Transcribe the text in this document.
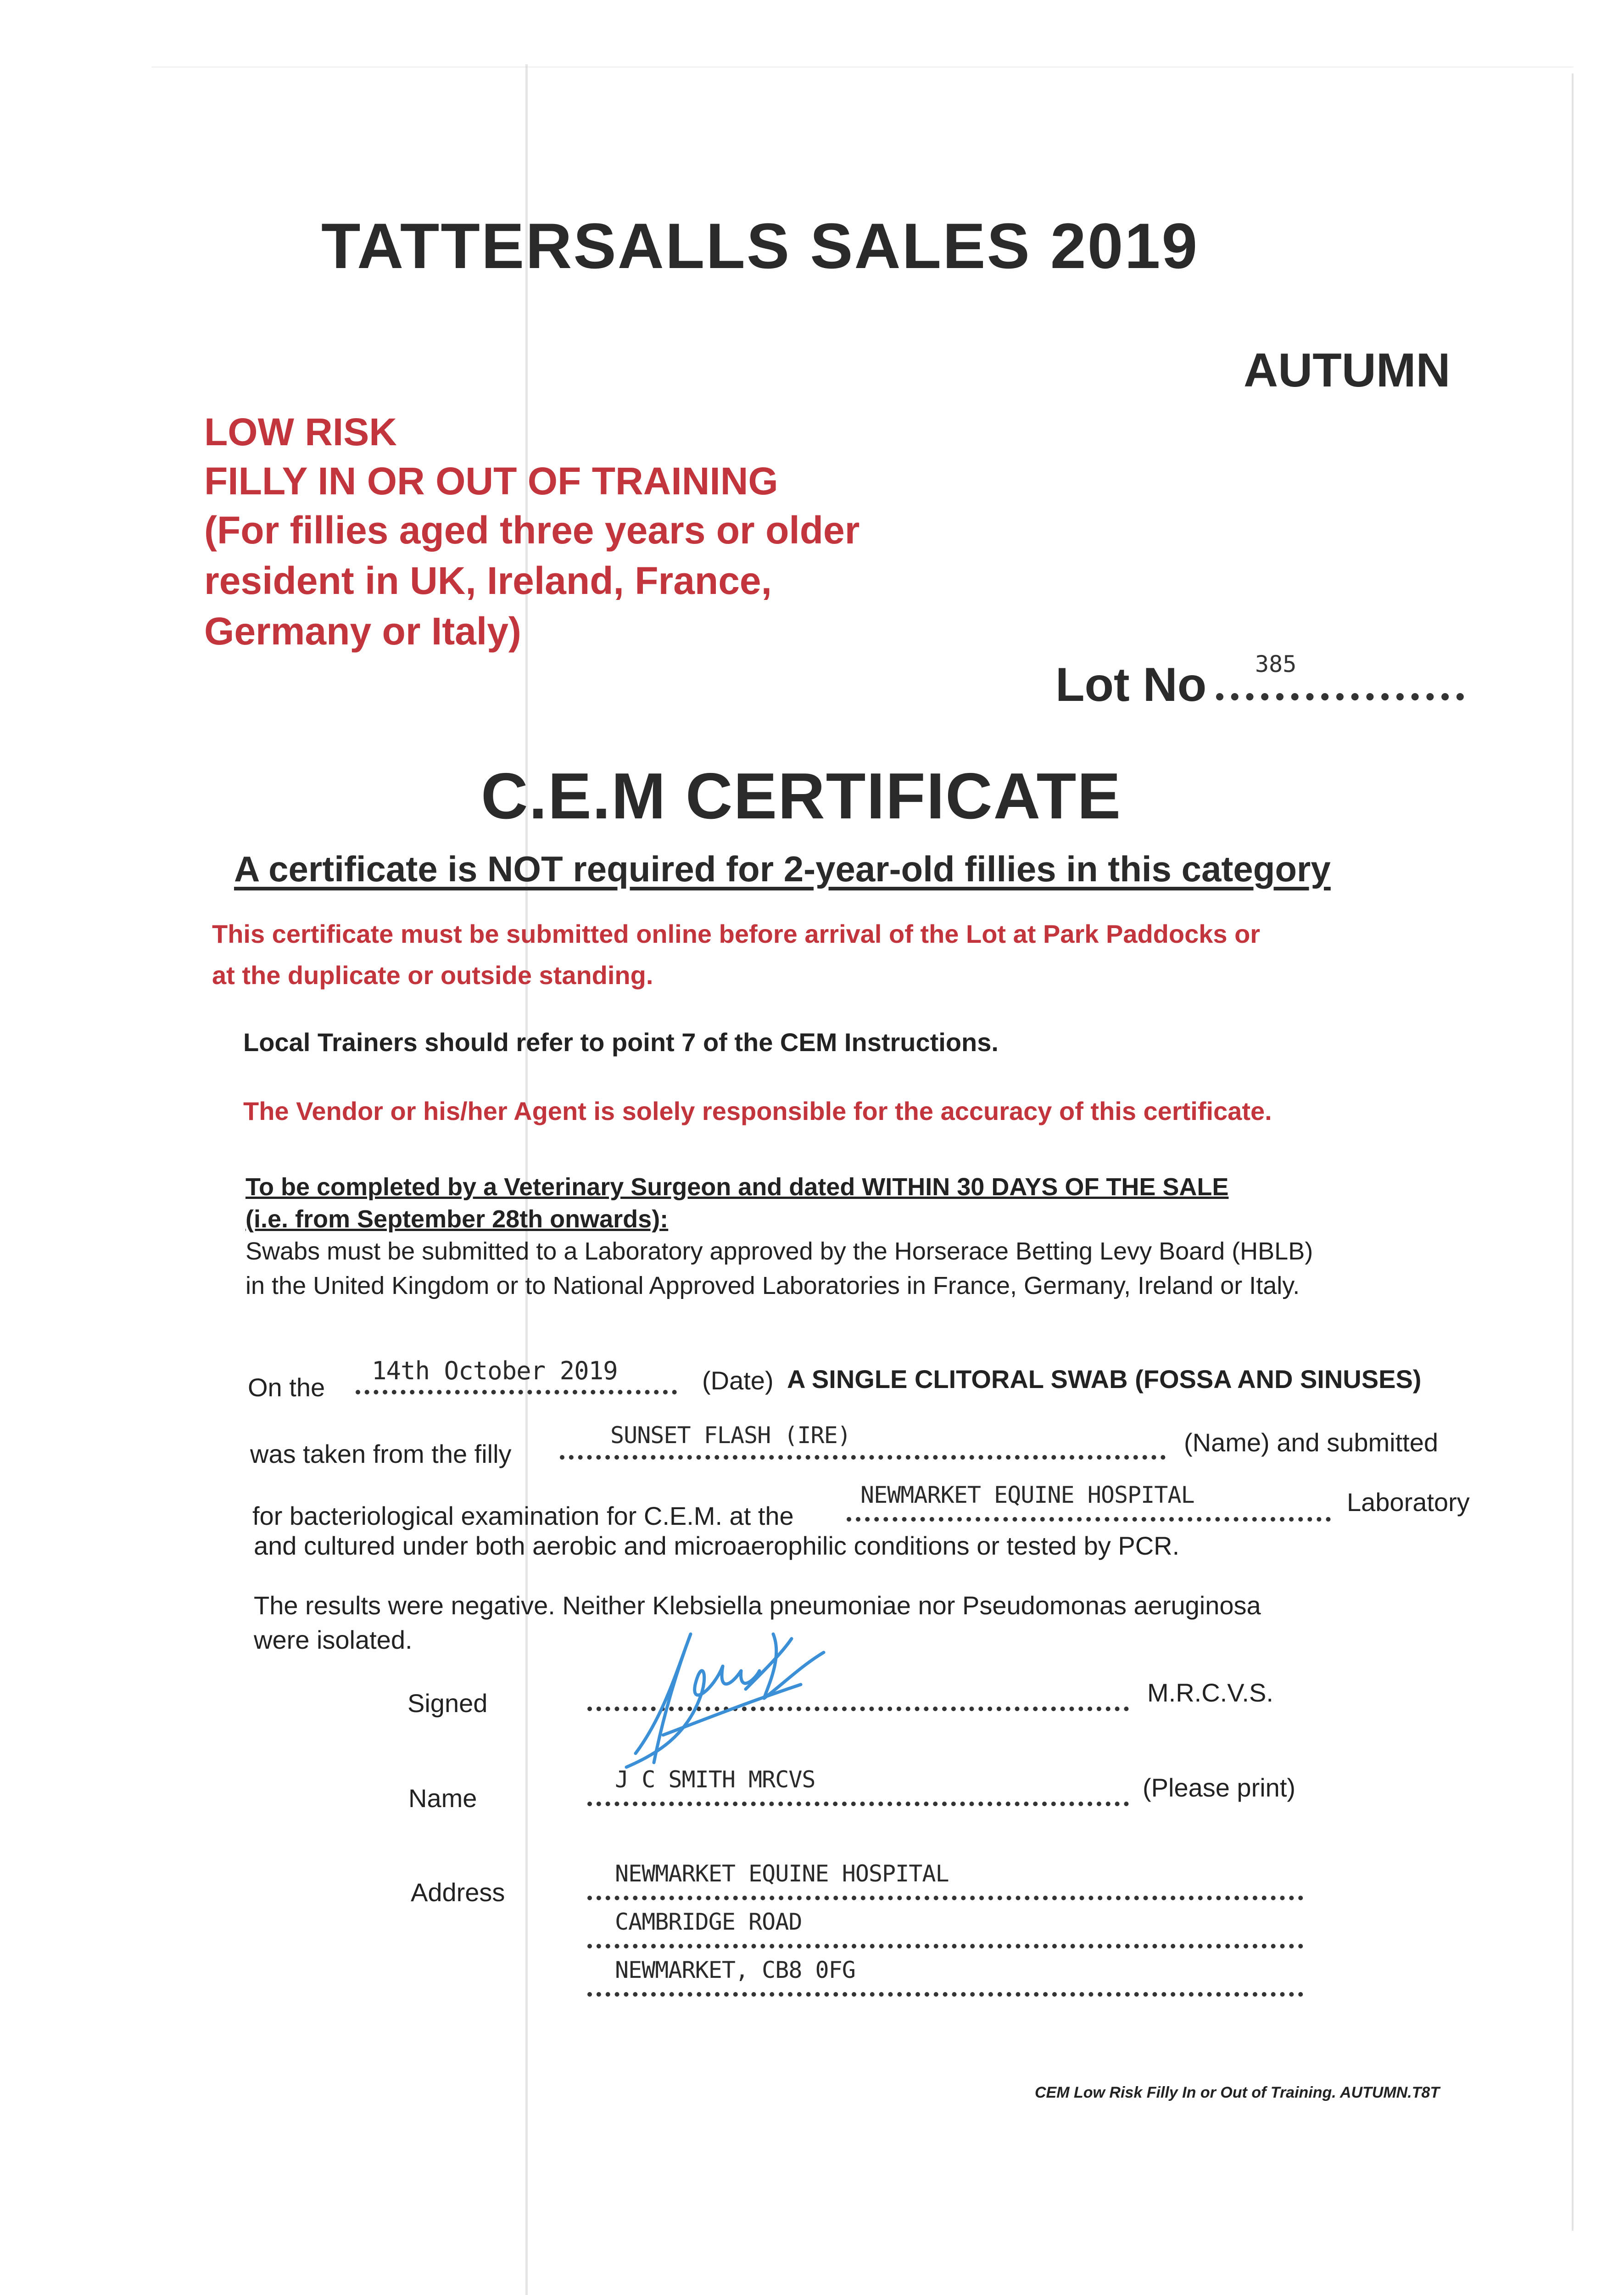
TATTERSALLS SALES 2019
AUTUMN
LOW RISK
FILLY IN OR OUT OF TRAINING
(For fillies aged three years or older
resident in UK, Ireland, France,
Germany or Italy)
Lot No 385
C.E.M CERTIFICATE
A certificate is NOT required for 2-year-old fillies in this category
This certificate must be submitted online before arrival of the Lot at Park Paddocks or
at the duplicate or outside standing.
Local Trainers should refer to point 7 of the CEM Instructions.
The Vendor or his/her Agent is solely responsible for the accuracy of this certificate.
To be completed by a Veterinary Surgeon and dated WITHIN 30 DAYS OF THE SALE
(i.e. from September 28th onwards):
Swabs must be submitted to a Laboratory approved by the Horserace Betting Levy Board (HBLB)
in the United Kingdom or to National Approved Laboratories in France, Germany, Ireland or Italy.
On the
14th October 2019	(Date) A SINGLE CLITORAL SWAB (FOSSA AND SINUSES)
was taken from the filly
SUNSET FLASH (IRE)	(Name) and submitted
for bacteriological examination for C.E.M. at the
NEWMARKET EQUINE HOSPITAL	Laboratory
and cultured under both aerobic and microaerophilic conditions or tested by PCR.
The results were negative. Neither Klebsiella pneumoniae nor Pseudomonas aeruginosa
were isolated.
Signed	M.R.C.V.S.
Name
J C SMITH MRCVS	(Please print)
Address
NEWMARKET EQUINE HOSPITAL
CAMBRIDGE ROAD
NEWMARKET, CB8 0FG
CEM Low Risk Filly In or Out of Training. AUTUMN.T8T
